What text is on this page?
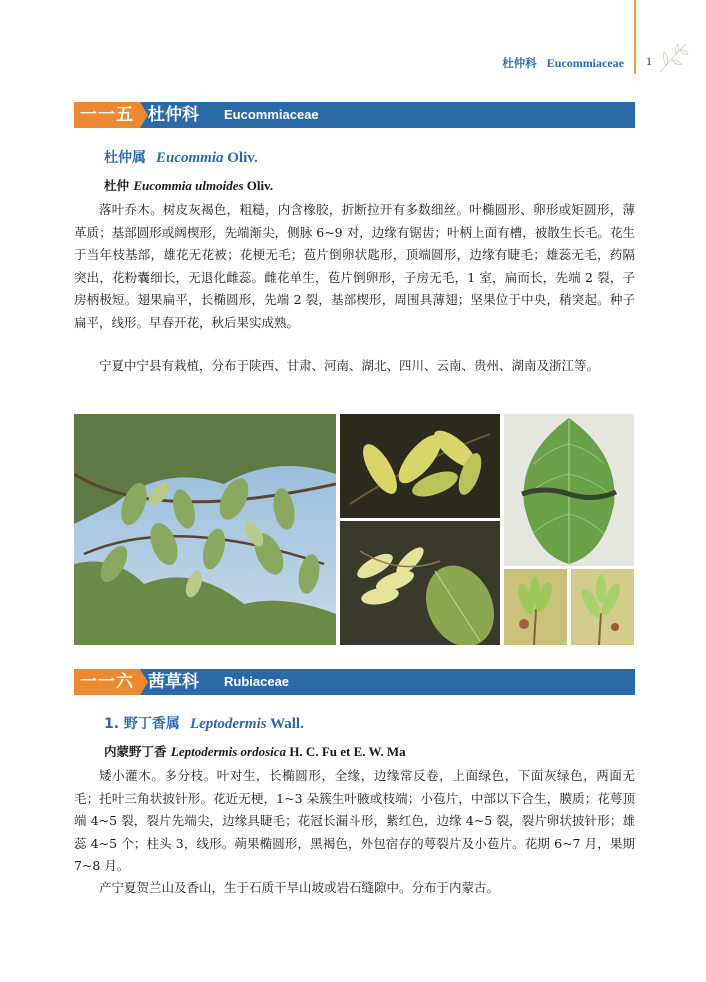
杜仲科 Eucommiaceae 1
一一五 杜仲科 Eucommiaceae
杜仲属 Eucommia Oliv.
杜仲 Eucommia ulmoides Oliv.
落叶乔木。树皮灰褐色，粗糙，内含橡胶，折断拉开有多数细丝。叶椭圆形、卵形或矩圆形，薄革质；基部圆形或阔楔形，先端渐尖，侧脉 6~9 对，边缘有锯齿；叶柄上面有槽，被散生长毛。花生于当年枝基部，雄花无花被；花梗无毛；苞片倒卵状匙形，顶端圆形，边缘有睫毛；雄蕊无毛，药隔突出，花粉囊细长，无退化雌蕊。雌花单生，苞片倒卵形，子房无毛，1 室，扁而长，先端 2 裂，子房柄极短。翅果扁平，长椭圆形，先端 2 裂，基部楔形，周围具薄翅；坚果位于中央，稍突起。种子扁平，线形。早春开花，秋后果实成熟。
宁夏中宁县有栽植，分布于陕西、甘肃、河南、湖北、四川、云南、贵州、湖南及浙江等。
一一六 茜草科 Rubiaceae
1. 野丁香属 Leptodermis Wall.
内蒙野丁香 Leptodermis ordosica H. C. Fu et E. W. Ma
矮小灌木。多分枝。叶对生，长椭圆形，全缘，边缘常反卷，上面绿色，下面灰绿色，两面无毛；托叶三角状披针形。花近无梗，1~3 朵簇生叶腋或枝端；小苞片，中部以下合生，膜质；花萼顶端 4~5 裂，裂片先端尖，边缘具睫毛；花冠长漏斗形，紫红色，边缘 4~5 裂，裂片卵状披针形；雄蕊 4~5 个；柱头 3，线形。蒴果椭圆形，黑褐色，外包宿存的萼裂片及小苞片。花期 6~7 月，果期 7~8 月。
产宁夏贺兰山及香山，生于石质干旱山坡或岩石缝隙中。分布于内蒙古。
